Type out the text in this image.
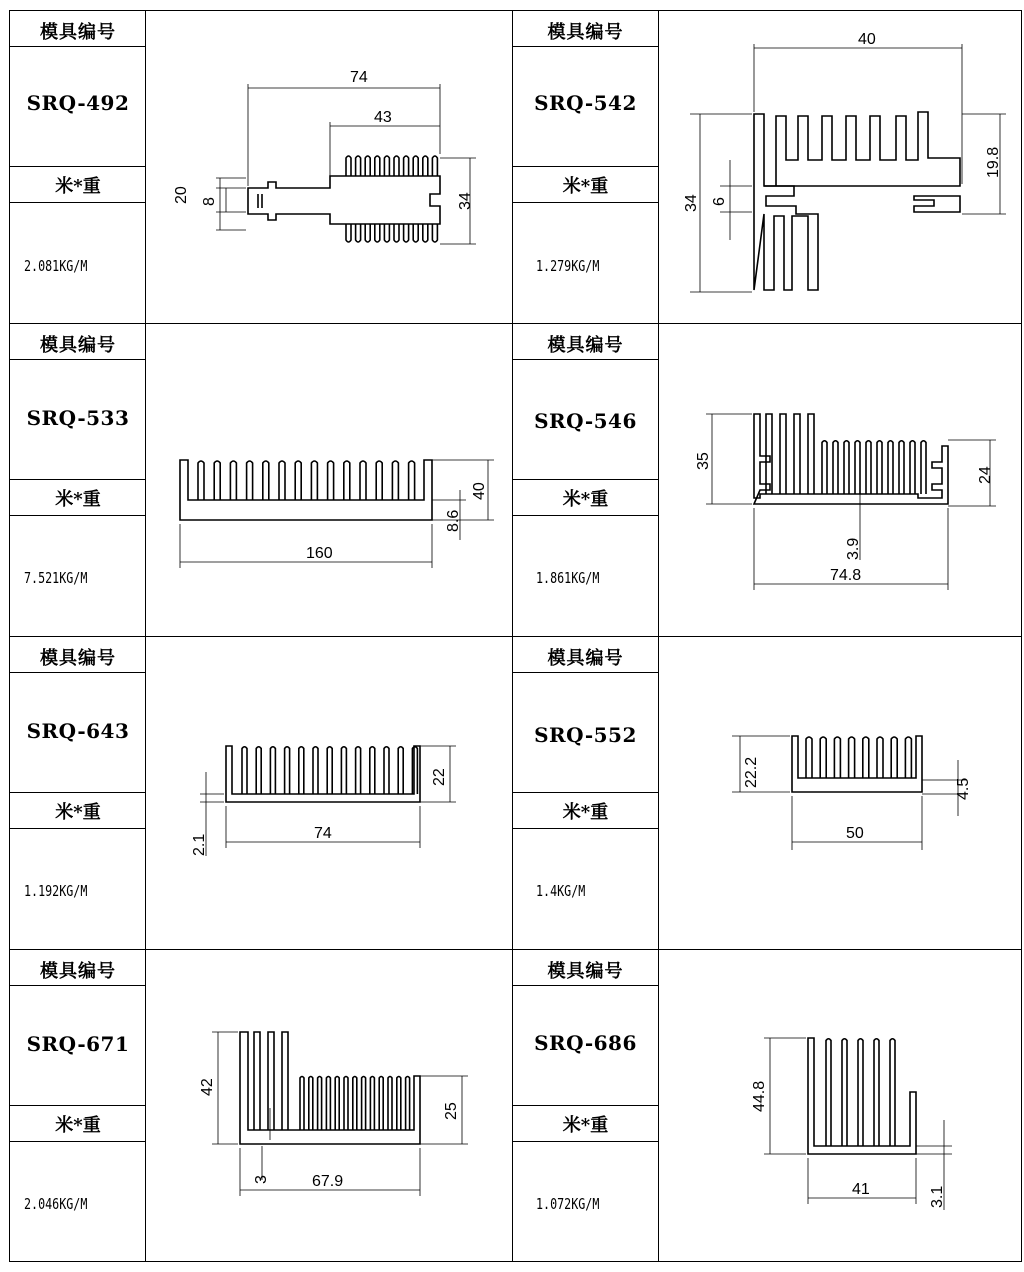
模具编号
SRQ-492
米*重
2.081KG/M
模具编号
SRQ-542
米*重
1.279KG/M
模具编号
SRQ-533
米*重
7.521KG/M
模具编号
SRQ-546
米*重
1.861KG/M
模具编号
SRQ-643
米*重
1.192KG/M
模具编号
SRQ-552
米*重
1.4KG/M
模具编号
SRQ-671
米*重
2.046KG/M
模具编号
SRQ-686
米*重
1.072KG/M
74
43
20 8	34
40
19.8
34 6
160
40
8.6
35
24
3.9
74.8
22
2.1
74
22.2
4.5
50
42
25
3	67.9
44.8
3.1
41
